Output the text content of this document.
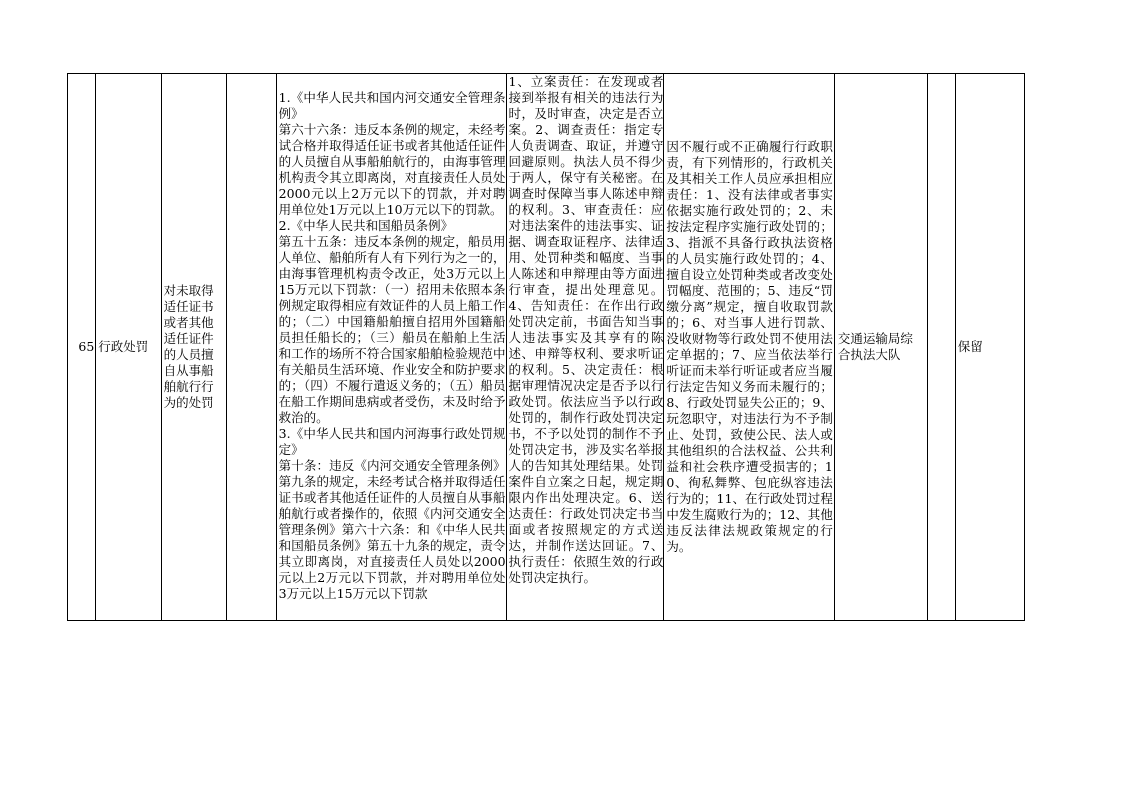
65 行政处罚
对未取得适任证书或者其他适任证件的人员擅自从事船舶航行行为的处罚

1.《中华人民共和国内河交通安全管理条例》
第六十六条：违反本条例的规定，未经考试合格并取得适任证书或者其他适任证件的人员擅自从事船舶航行的，由海事管理机构责令其立即离岗，对直接责任人员处2000元以上2万元以下的罚款，并对聘用单位处1万元以上10万元以下的罚款。
2.《中华人民共和国船员条例》
第五十五条：违反本条例的规定，船员用人单位、船舶所有人有下列行为之一的，由海事管理机构责令改正，处3万元以上15万元以下罚款：（一）招用未依照本条例规定取得相应有效证件的人员上船工作的；（二）中国籍船舶擅自招用外国籍船员担任船长的；（三）船员在船舶上生活和工作的场所不符合国家船舶检验规范中有关船员生活环境、作业安全和防护要求的；（四）不履行遣返义务的；（五）船员在船工作期间患病或者受伤，未及时给予救治的。
3.《中华人民共和国内河海事行政处罚规定》
第十条：违反《内河交通安全管理条例》第九条的规定，未经考试合格并取得适任证书或者其他适任证件的人员擅自从事船舶航行或者操作的，依照《内河交通安全管理条例》第六十六条：和《中华人民共和国船员条例》第五十九条的规定，责令其立即离岗，对直接责任人员处以2000元以上2万元以下罚款，并对聘用单位处3万元以上15万元以下罚款

1、立案责任：在发现或者接到举报有相关的违法行为时，及时审查，决定是否立案。2、调查责任：指定专人负责调查、取证，并遵守回避原则。执法人员不得少于两人，保守有关秘密。在调查时保障当事人陈述申辩的权利。3、审查责任：应对违法案件的违法事实、证据、调查取证程序、法律适用、处罚种类和幅度、当事人陈述和申辩理由等方面进行审查，提出处理意见。4、告知责任：在作出行政处罚决定前，书面告知当事人违法事实及其享有的陈述、申辩等权利、要求听证的权利。5、决定责任：根据审理情况决定是否予以行政处罚。依法应当予以行政处罚的，制作行政处罚决定书，不予以处罚的制作不予处罚决定书，涉及实名举报人的告知其处理结果。处罚案件自立案之日起，规定期限内作出处理决定。6、送达责任：行政处罚决定书当面或者按照规定的方式送达，并制作送达回证。7、执行责任：依照生效的行政处罚决定执行。
因不履行或不正确履行行政职责，有下列情形的，行政机关及其相关工作人员应承担相应责任：1、没有法律或者事实依据实施行政处罚的；2、未按法定程序实施行政处罚的；3、指派不具备行政执法资格的人员实施行政处罚的；4、擅自设立处罚种类或者改变处罚幅度、范围的；5、违反“罚缴分离”规定，擅自收取罚款的；6、对当事人进行罚款、没收财物等行政处罚不使用法定单据的；7、应当依法举行听证而未举行听证或者应当履行法定告知义务而未履行的；8、行政处罚显失公正的；9、玩忽职守，对违法行为不予制止、处罚，致使公民、法人或其他组织的合法权益、公共利益和社会秩序遭受损害的；10、徇私舞弊、包庇纵容违法行为的；11、在行政处罚过程中发生腐败行为的；12、其他违反法律法规政策规定的行为。
交通运输局综合执法大队
保留
